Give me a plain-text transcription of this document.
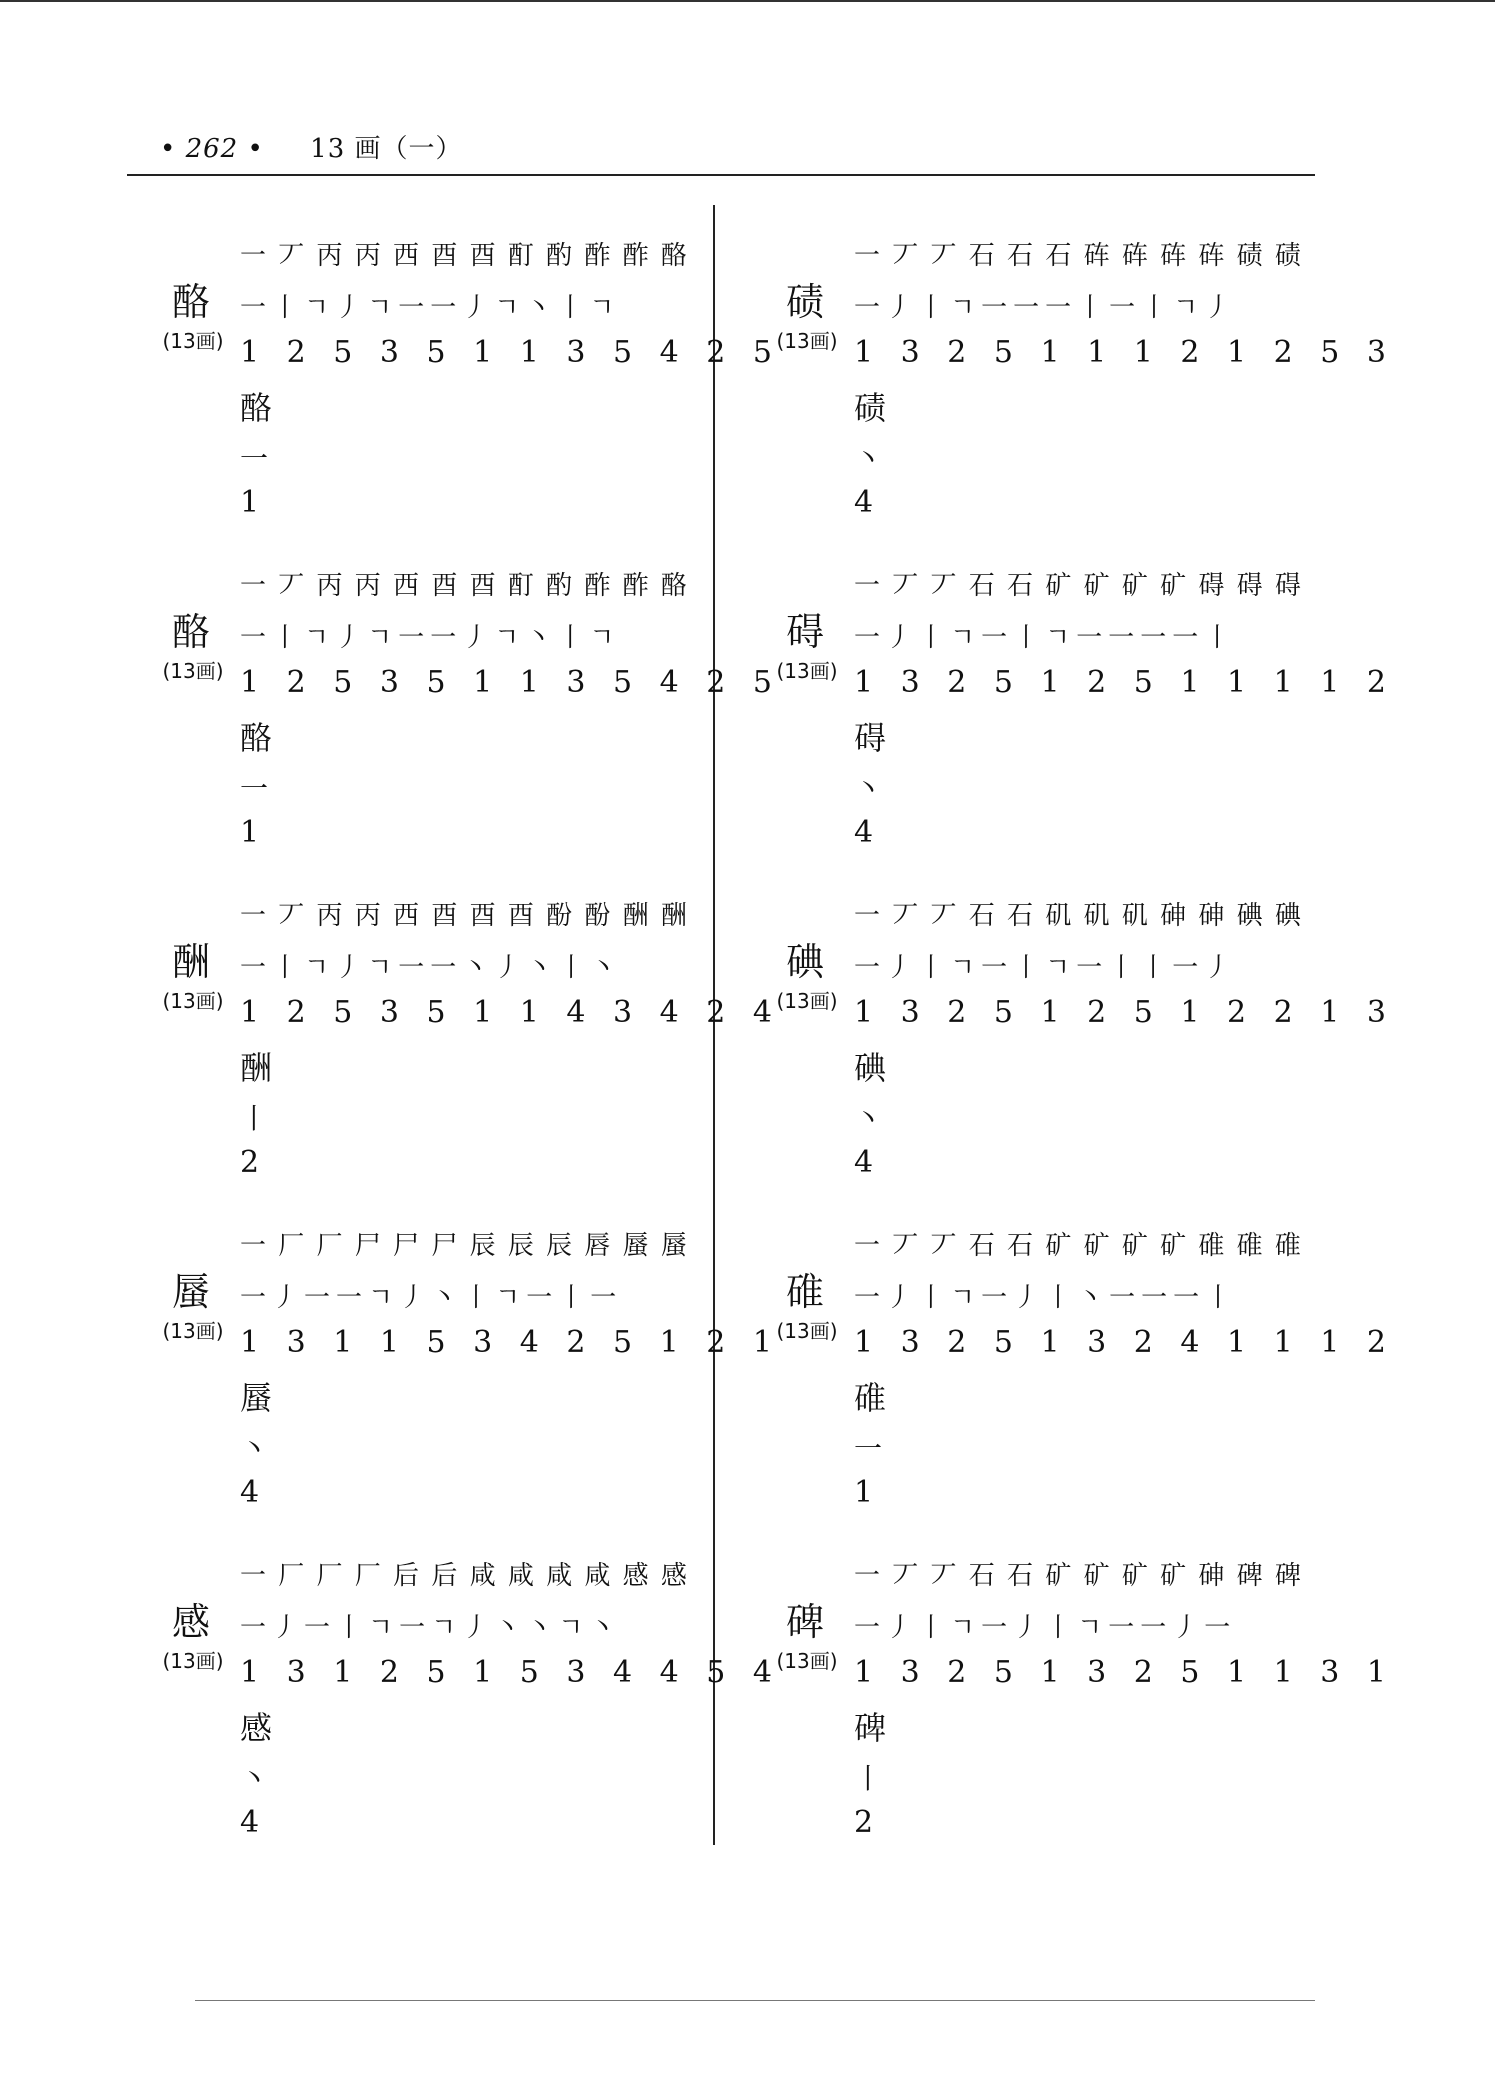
• 262 • 13 画（一）
酪
(13画)
一 丆 丙 丙 西 酉 酉 酊 酌 酢 酢 酪
一丨ㄱ丿ㄱ一一丿ㄱ丶丨ㄱ
1 2 5 3 5 1 1 3 5 4 2 5
酪
一
1
酪
(13画)
一 丆 丙 丙 西 酉 酉 酊 酌 酢 酢 酪
一丨ㄱ丿ㄱ一一丿ㄱ丶丨ㄱ
1 2 5 3 5 1 1 3 5 4 2 5
酪
一
1
酬
(13画)
一 丆 丙 丙 西 酉 酉 酉 酚 酚 酬 酬
一丨ㄱ丿ㄱ一一丶丿丶丨丶
1 2 5 3 5 1 1 4 3 4 2 4
酬
丨
2
蜃
(13画)
一 厂 厂 尸 尸 尸 辰 辰 辰 唇 蜃 蜃
一丿一一ㄱ丿丶丨ㄱ一丨一
1 3 1 1 5 3 4 2 5 1 2 1
蜃
丶
4
感
(13画)
一 厂 厂 厂 后 后 咸 咸 咸 咸 感 感
一丿一丨ㄱ一ㄱ丿丶丶ㄱ丶
1 3 1 2 5 1 5 3 4 4 5 4
感
丶
4
碛
(13画)
一 丆 丆 石 石 石 砗 砗 砗 砗 碛 碛
一丿丨ㄱ一一一丨一丨ㄱ丿
1 3 2 5 1 1 1 2 1 2 5 3
碛
丶
4
碍
(13画)
一 丆 丆 石 石 矿 矿 矿 矿 碍 碍 碍
一丿丨ㄱ一丨ㄱ一一一一丨
1 3 2 5 1 2 5 1 1 1 1 2
碍
丶
4
碘
(13画)
一 丆 丆 石 石 矶 矶 矶 砷 砷 碘 碘
一丿丨ㄱ一丨ㄱ一丨丨一丿
1 3 2 5 1 2 5 1 2 2 1 3
碘
丶
4
碓
(13画)
一 丆 丆 石 石 矿 矿 矿 矿 碓 碓 碓
一丿丨ㄱ一丿丨丶一一一丨
1 3 2 5 1 3 2 4 1 1 1 2
碓
一
1
碑
(13画)
一 丆 丆 石 石 矿 矿 矿 矿 砷 碑 碑
一丿丨ㄱ一丿丨ㄱ一一丿一
1 3 2 5 1 3 2 5 1 1 3 1
碑
丨
2
